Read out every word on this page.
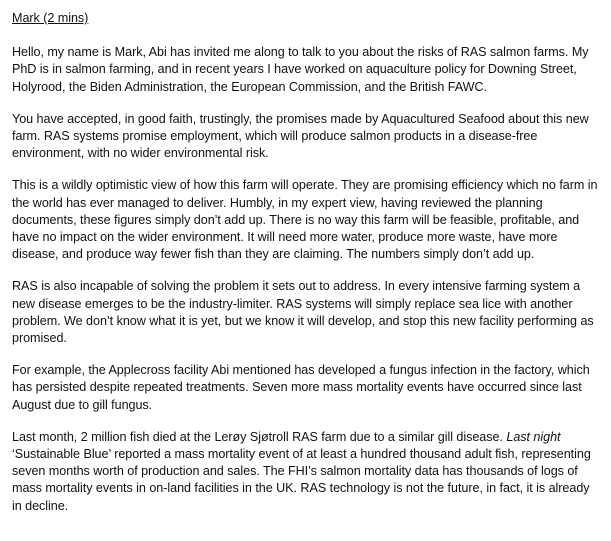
Mark (2 mins)

Hello, my name is Mark, Abi has invited me along to talk to you about the risks of RAS salmon farms. My PhD is in salmon farming, and in recent years I have worked on aquaculture policy for Downing Street, Holyrood, the Biden Administration, the European Commission, and the British FAWC.

You have accepted, in good faith, trustingly, the promises made by Aquacultured Seafood about this new farm. RAS systems promise employment, which will produce salmon products in a disease-free environment, with no wider environmental risk.

This is a wildly optimistic view of how this farm will operate. They are promising efficiency which no farm in the world has ever managed to deliver. Humbly, in my expert view, having reviewed the planning documents, these figures simply don’t add up. There is no way this farm will be feasible, profitable, and have no impact on the wider environment. It will need more water, produce more waste, have more disease, and produce way fewer fish than they are claiming. The numbers simply don’t add up.

RAS is also incapable of solving the problem it sets out to address. In every intensive farming system a new disease emerges to be the industry-limiter. RAS systems will simply replace sea lice with another problem. We don’t know what it is yet, but we know it will develop, and stop this new facility performing as promised.

For example, the Applecross facility Abi mentioned has developed a fungus infection in the factory, which has persisted despite repeated treatments. Seven more mass mortality events have occurred since last August due to gill fungus.

Last month, 2 million fish died at the Lerøy Sjøtroll RAS farm due to a similar gill disease. Last night ‘Sustainable Blue’ reported a mass mortality event of at least a hundred thousand adult fish, representing seven months worth of production and sales. The FHI’s salmon mortality data has thousands of logs of mass mortality events in on-land facilities in the UK. RAS technology is not the future, in fact, it is already in decline.
